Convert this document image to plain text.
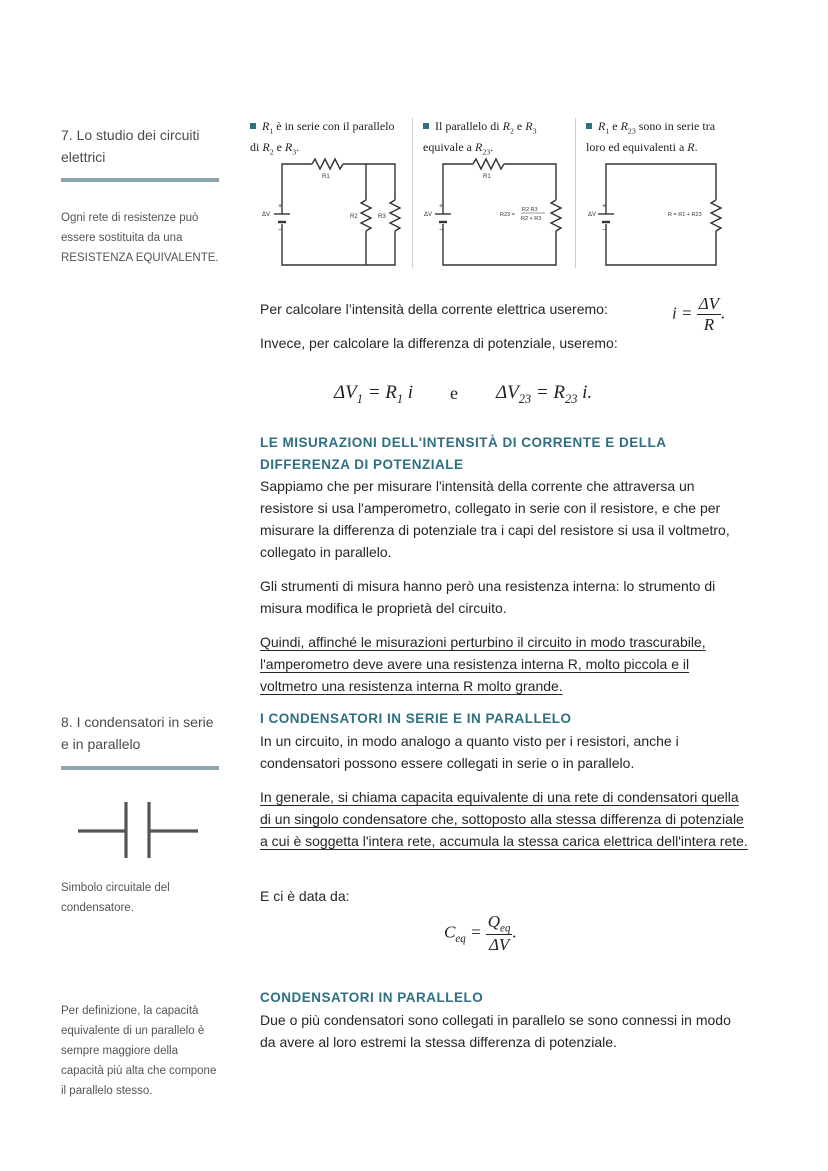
7. Lo studio dei circuiti elettrici
Ogni rete di resistenze può essere sostituita da una RESISTENZA EQUIVALENTE.
$R_1$ è in serie con il parallelo di $R_2$ e $R_3$.
Il parallelo di $R_2$ e $R_3$ equivale a $R_{23}$.
$R_1$ e $R_{23}$ sono in serie tra loro ed equivalenti a R.
R1
R2	R3
ΔV
+
−
R1
R23 =
R2 R3
R2 + R3
ΔV
+
−
R = R1 + R23
ΔV
+
−
Per calcolare l’intensità della corrente elettrica useremo:	$i = \frac{\Delta V}{R}$ .
Invece, per calcolare la differenza di potenziale, useremo:
$\Delta V_1 = R_1$ i e $\Delta V_{23} = R_{23}$ i.
LE MISURAZIONI DELL'INTENSITÀ DI CORRENTE E DELLA
DIFFERENZA DI POTENZIALE
Sappiamo che per misurare l'intensità della corrente che attraversa un resistore si usa l'amperometro, collegato in serie con il resistore, e che per misurare la differenza di potenziale tra i capi del resistore si usa il voltmetro, collegato in parallelo.
Gli strumenti di misura hanno però una resistenza interna: lo strumento di misura modifica le proprietà del circuito.
Quindi, affinché le misurazioni perturbino il circuito in modo trascurabile, l'amperometro deve avere una resistenza interna R, molto piccola e il voltmetro una resistenza interna R molto grande.
8. I condensatori in serie e in parallelo
Simbolo circuitale del condensatore.
Per definizione, la capacità equivalente di un parallelo è sempre maggiore della capacità più alta che compone il parallelo stesso.
I CONDENSATORI IN SERIE E IN PARALLELO
In un circuito, in modo analogo a quanto visto per i resistori, anche i condensatori possono essere collegati in serie o in parallelo.
In generale, si chiama capacita equivalente di una rete di condensatori quella di un singolo condensatore che, sottoposto alla stessa differenza di potenziale a cui è soggetta l'intera rete, accumula la stessa carica elettrica dell'intera rete.
E ci è data da:
$C_{eq} = \frac{Q_{eq}}{\Delta V}$ .
CONDENSATORI IN PARALLELO
Due o più condensatori sono collegati in parallelo se sono connessi in modo da avere al loro estremi la stessa differenza di potenziale.
